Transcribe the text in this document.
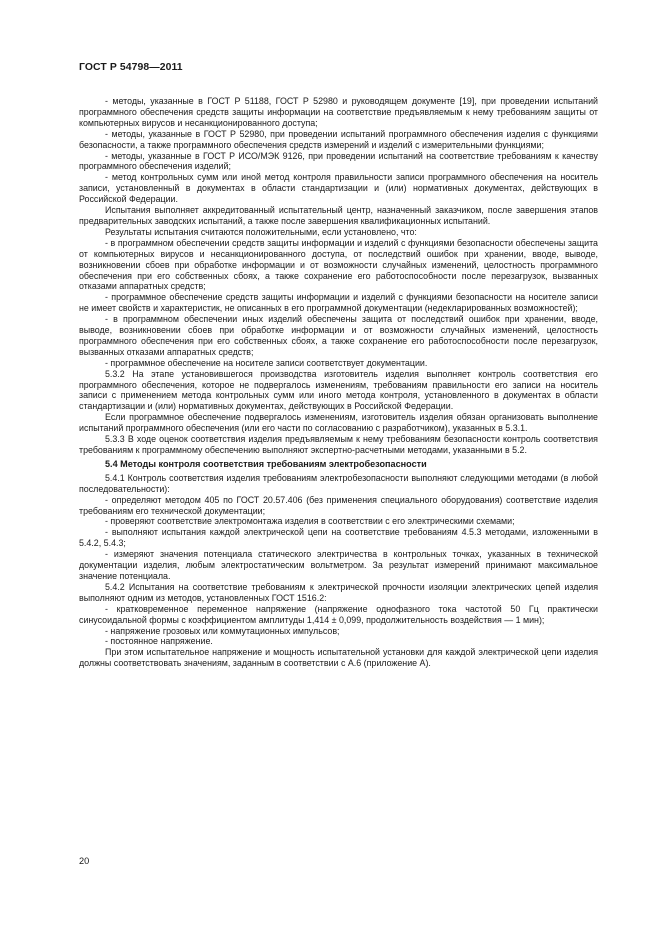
ГОСТ Р 54798—2011

- методы, указанные в ГОСТ Р 51188, ГОСТ Р 52980 и руководящем документе [19], при проведении испытаний программного обеспечения средств защиты информации на соответствие предъявляемым к нему требованиям защиты от компьютерных вирусов и несанкционированного доступа;

- методы, указанные в ГОСТ Р 52980, при проведении испытаний программного обеспечения изделия с функциями безопасности, а также программного обеспечения средств измерений и изделий с измерительными функциями;

- методы, указанные в ГОСТ Р ИСО/МЭК 9126, при проведении испытаний на соответствие требованиям к качеству программного обеспечения изделий;

- метод контрольных сумм или иной метод контроля правильности записи программного обеспечения на носитель записи, установленный в документах в области стандартизации и (или) нормативных документах, действующих в Российской Федерации.

Испытания выполняет аккредитованный испытательный центр, назначенный заказчиком, после завершения этапов предварительных заводских испытаний, а также после завершения квалификационных испытаний.

Результаты испытания считаются положительными, если установлено, что:

- в программном обеспечении средств защиты информации и изделий с функциями безопасности обеспечены защита от компьютерных вирусов и несанкционированного доступа, от последствий ошибок при хранении, вводе, выводе, возникновении сбоев при обработке информации и от возможности случайных изменений, целостность программного обеспечения при его собственных сбоях, а также сохранение его работоспособности после перезагрузок, вызванных отказами аппаратных средств;

- программное обеспечение средств защиты информации и изделий с функциями безопасности на носителе записи не имеет свойств и характеристик, не описанных в его программной документации (недекларированных возможностей);

- в программном обеспечении иных изделий обеспечены защита от последствий ошибок при хранении, вводе, выводе, возникновении сбоев при обработке информации и от возможности случайных изменений, целостность программного обеспечения при его собственных сбоях, а также сохранение его работоспособности после перезагрузок, вызванных отказами аппаратных средств;

- программное обеспечение на носителе записи соответствует документации.

5.3.2 На этапе установившегося производства изготовитель изделия выполняет контроль соответствия его программного обеспечения, которое не подвергалось изменениям, требованиям правильности его записи на носитель записи с применением метода контрольных сумм или иного метода контроля, установленного в документах в области стандартизации и (или) нормативных документах, действующих в Российской Федерации.

Если программное обеспечение подвергалось изменениям, изготовитель изделия обязан организовать выполнение испытаний программного обеспечения (или его части по согласованию с разработчиком), указанных в 5.3.1.

5.3.3 В ходе оценок соответствия изделия предъявляемым к нему требованиям безопасности контроль соответствия требованиям к программному обеспечению выполняют экспертно-расчетными методами, указанными в 5.2.

5.4 Методы контроля соответствия требованиям электробезопасности

5.4.1 Контроль соответствия изделия требованиям электробезопасности выполняют следующими методами (в любой последовательности):

- определяют методом 405 по ГОСТ 20.57.406 (без применения специального оборудования) соответствие изделия требованиям его технической документации;

- проверяют соответствие электромонтажа изделия в соответствии с его электрическими схемами;

- выполняют испытания каждой электрической цепи на соответствие требованиям 4.5.3 методами, изложенными в 5.4.2, 5.4.3;

- измеряют значения потенциала статического электричества в контрольных точках, указанных в технической документации изделия, любым электростатическим вольтметром. За результат измерений принимают максимальное значение потенциала.

5.4.2 Испытания на соответствие требованиям к электрической прочности изоляции электрических цепей изделия выполняют одним из методов, установленных ГОСТ 1516.2:

- кратковременное переменное напряжение (напряжение однофазного тока частотой 50 Гц практически синусоидальной формы с коэффициентом амплитуды 1,414 ± 0,099, продолжительность воздействия — 1 мин);

- напряжение грозовых или коммутационных импульсов;

- постоянное напряжение.

При этом испытательное напряжение и мощность испытательной установки для каждой электрической цепи изделия должны соответствовать значениям, заданным в соответствии с А.6 (приложение А).

20
